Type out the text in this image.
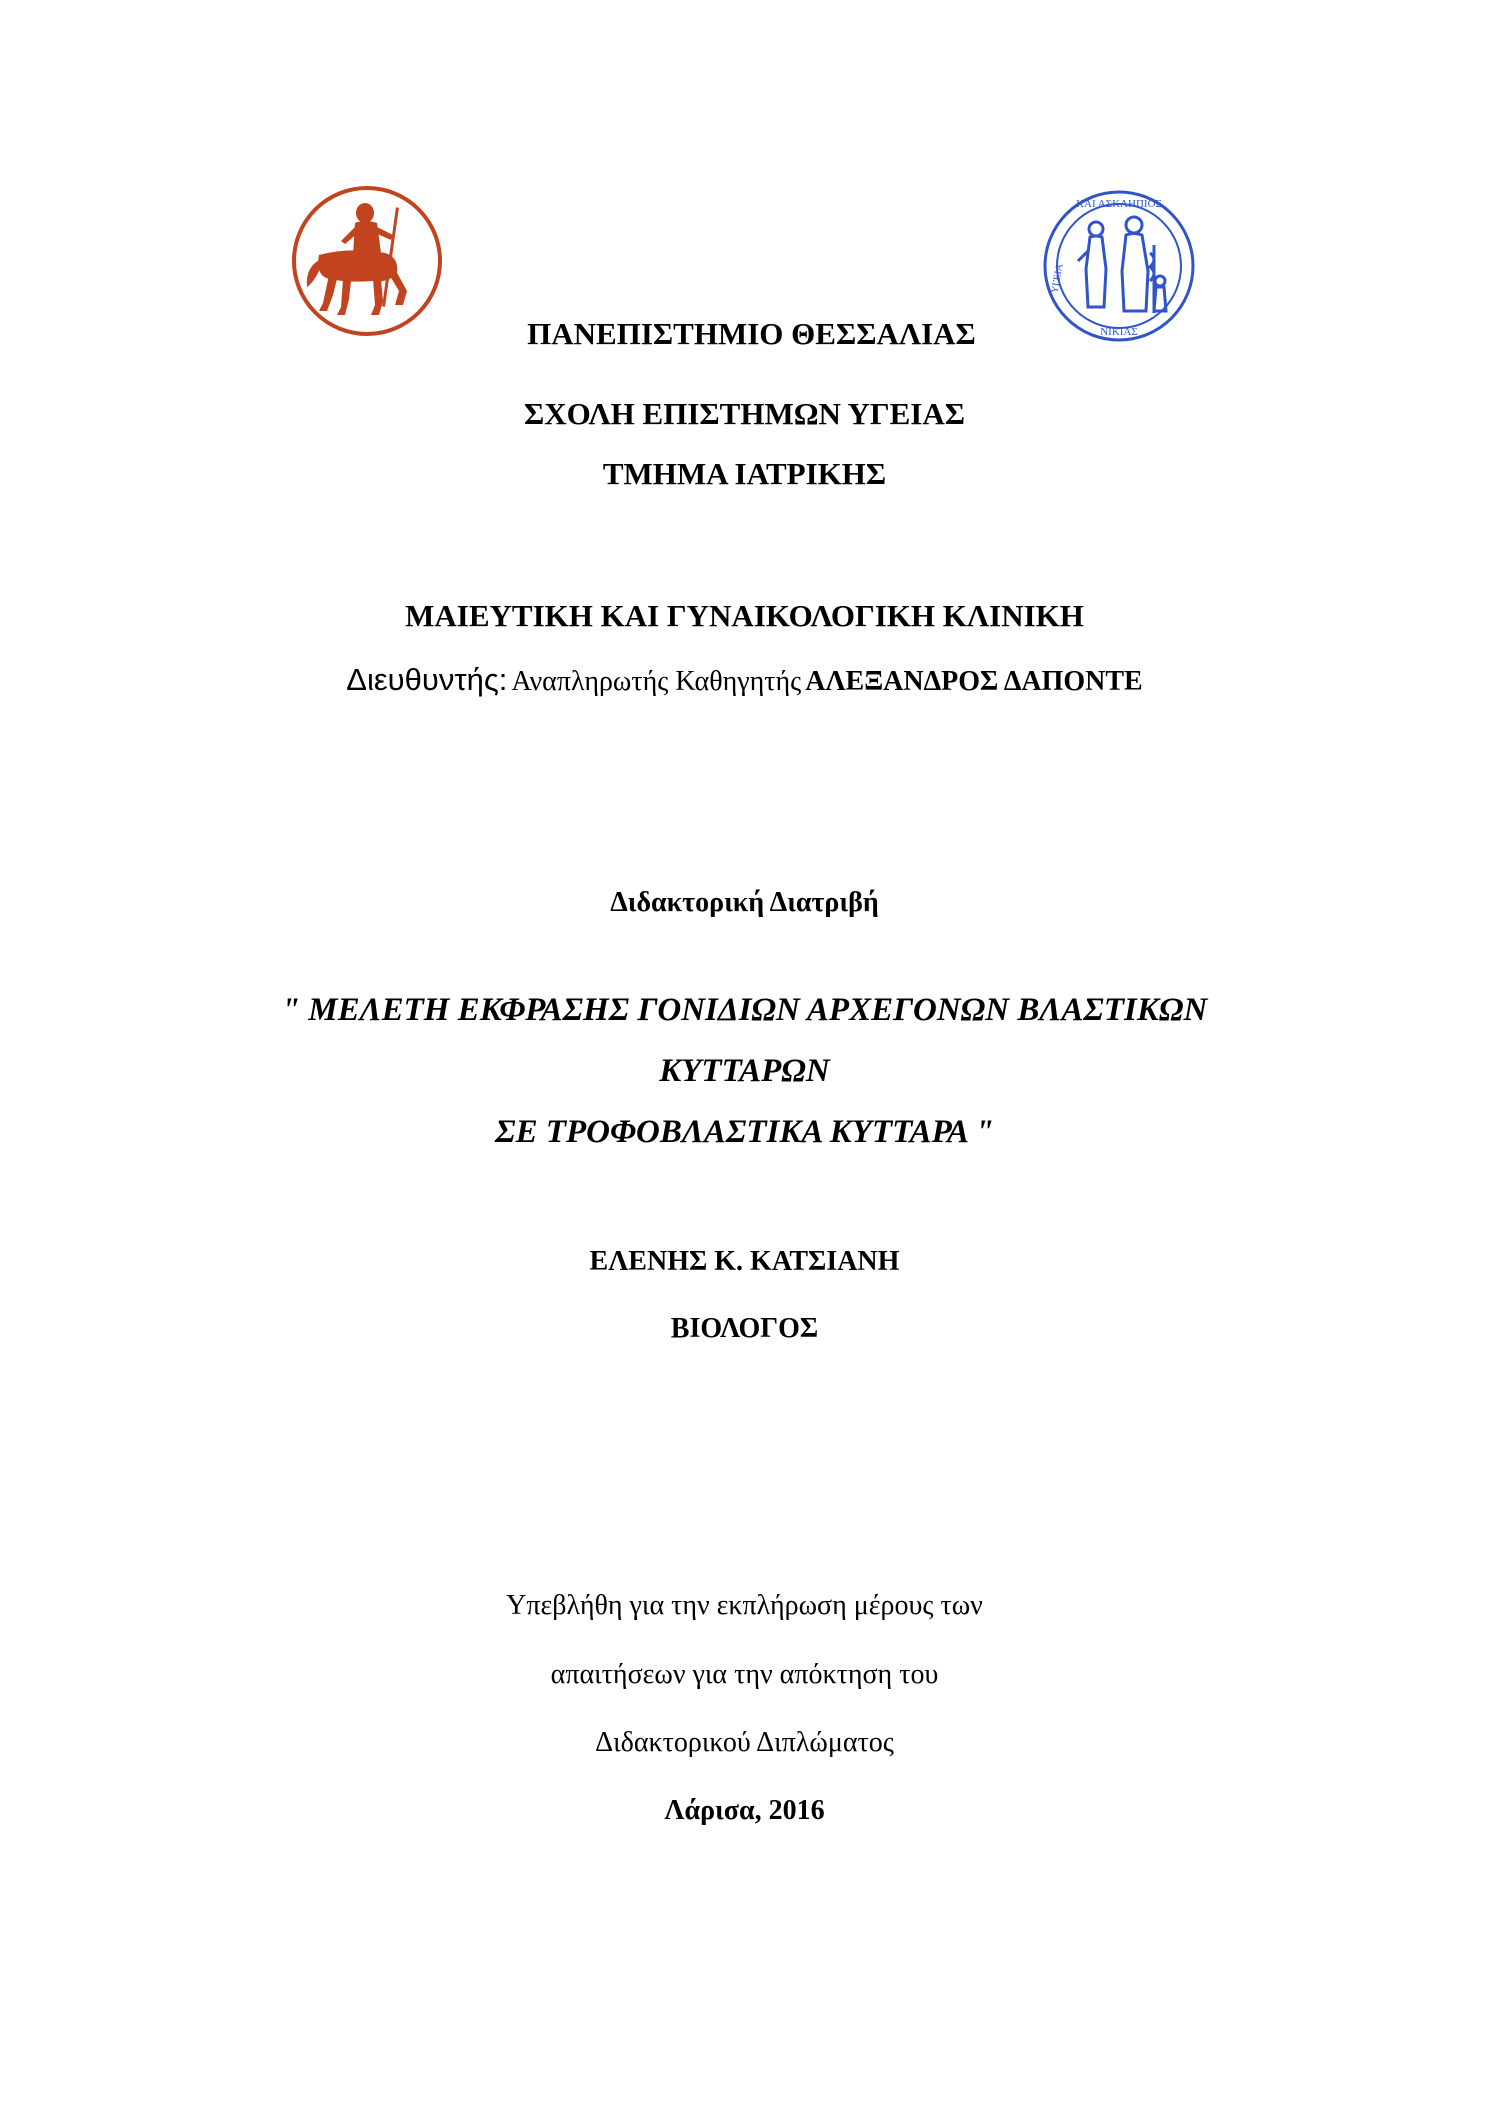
ΚΑΙ ΑΣΚΛΗΠΙΟΣ
ΥΓΕΙΑ
ΝΙΚΙΑΣ
ΠΑΝΕΠΙΣΤΗΜΙΟ ΘΕΣΣΑΛΙΑΣ
ΣΧΟΛΗ ΕΠΙΣΤΗΜΩΝ ΥΓΕΙΑΣ
ΤΜΗΜΑ ΙΑΤΡΙΚΗΣ
ΜΑΙΕΥΤΙΚΗ ΚΑΙ ΓΥΝΑΙΚΟΛΟΓΙΚΗ ΚΛΙΝΙΚΗ
Διευθυντής: Αναπληρωτής Καθηγητής ΑΛΕΞΑΝΔΡΟΣ ΔΑΠΟΝΤΕ
Διδακτορική Διατριβή
" ΜΕΛΕΤΗ ΕΚΦΡΑΣΗΣ ΓΟΝΙΔΙΩΝ ΑΡΧΕΓΟΝΩΝ ΒΛΑΣΤΙΚΩΝ
ΚΥΤΤΑΡΩΝ
ΣΕ ΤΡΟΦΟΒΛΑΣΤΙΚΑ ΚΥΤΤΑΡΑ "
ΕΛΕΝΗΣ Κ. ΚΑΤΣΙΑΝΗ
ΒΙΟΛΟΓΟΣ
Υπεβλήθη για την εκπλήρωση μέρους των
απαιτήσεων για την απόκτηση του
Διδακτορικού Διπλώματος
Λάρισα, 2016
